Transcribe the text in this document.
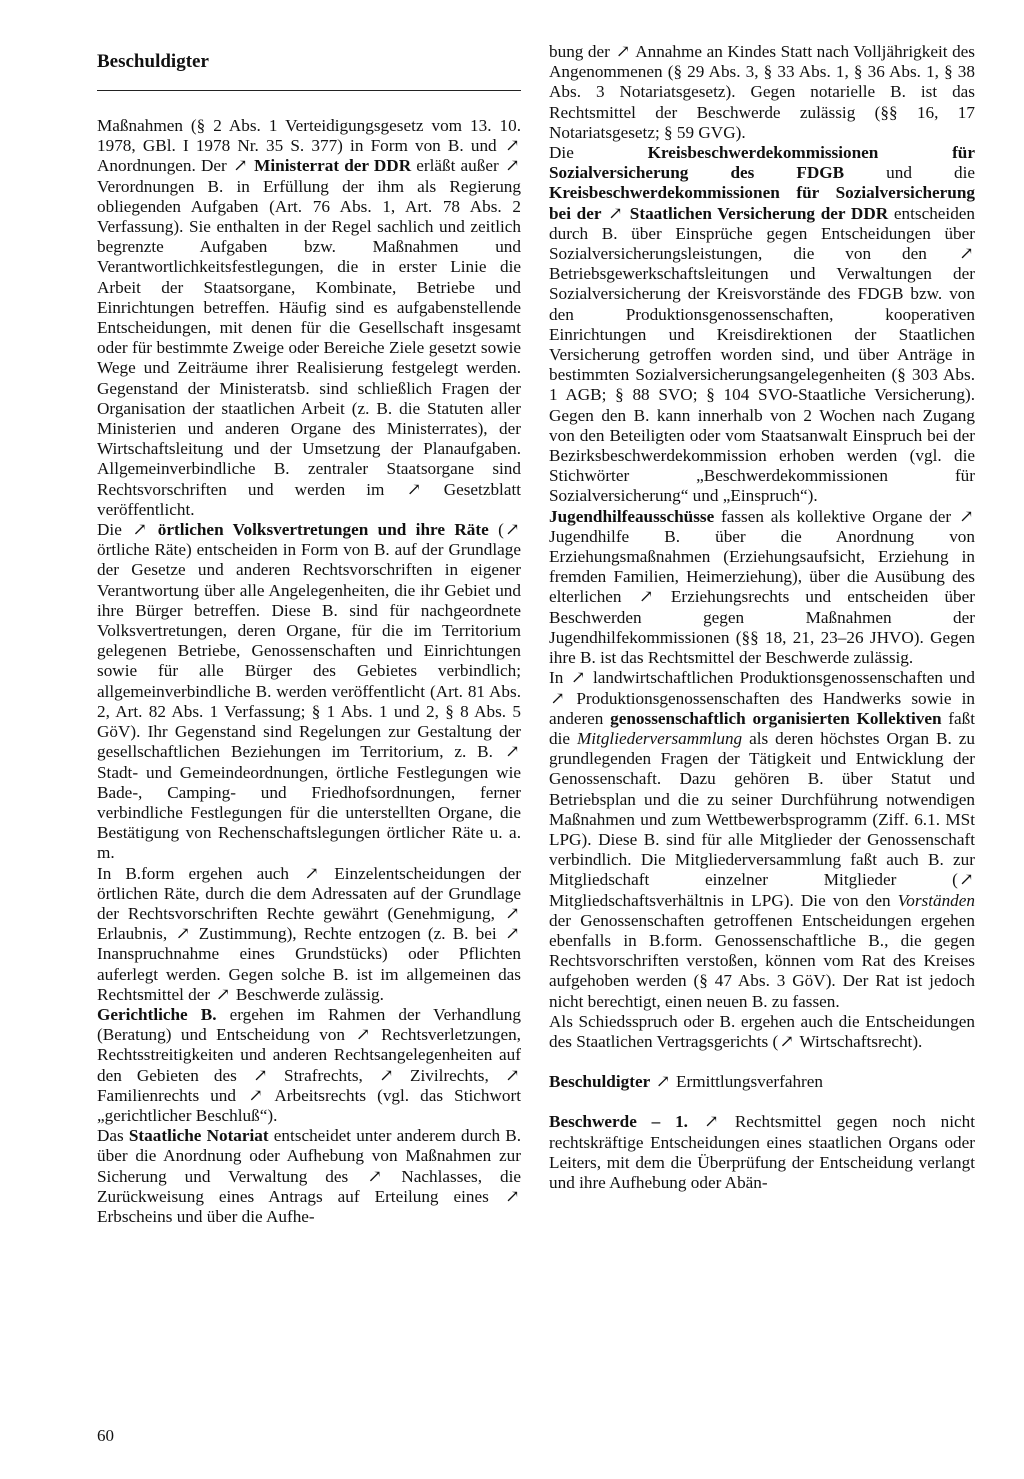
Beschuldigter

Maßnahmen (§ 2 Abs. 1 Verteidigungsgesetz vom 13. 10. 1978, GBl. I 1978 Nr. 35 S. 377) in Form von B. und ↗ Anordnungen. Der ↗ Ministerrat der DDR erläßt außer ↗ Verordnungen B. in Erfüllung der ihm als Regierung obliegenden Aufgaben (Art. 76 Abs. 1, Art. 78 Abs. 2 Verfassung). Sie enthalten in der Regel sachlich und zeitlich begrenzte Aufgaben bzw. Maßnahmen und Verantwortlichkeitsfestlegungen, die in erster Linie die Arbeit der Staatsorgane, Kombinate, Betriebe und Einrichtungen betreffen. Häufig sind es aufgabenstellende Entscheidungen, mit denen für die Gesellschaft insgesamt oder für bestimmte Zweige oder Bereiche Ziele gesetzt sowie Wege und Zeiträume ihrer Realisierung festgelegt werden. Gegenstand der Ministeratsb. sind schließlich Fragen der Organisation der staatlichen Arbeit (z. B. die Statuten aller Ministerien und anderen Organe des Ministerrates), der Wirtschaftsleitung und der Umsetzung der Planaufgaben. Allgemeinverbindliche B. zentraler Staatsorgane sind Rechtsvorschriften und werden im ↗ Gesetzblatt veröffentlicht.

Die ↗ örtlichen Volksvertretungen und ihre Räte (↗örtliche Räte) entscheiden in Form von B. auf der Grundlage der Gesetze und anderen Rechtsvorschriften in eigener Verantwortung über alle Angelegenheiten, die ihr Gebiet und ihre Bürger betreffen. Diese B. sind für nachgeordnete Volksvertretungen, deren Organe, für die im Territorium gelegenen Betriebe, Genossenschaften und Einrichtungen sowie für alle Bürger des Gebietes verbindlich; allgemeinverbindliche B. werden veröffentlicht (Art. 81 Abs. 2, Art. 82 Abs. 1 Verfassung; § 1 Abs. 1 und 2, § 8 Abs. 5 GöV). Ihr Gegenstand sind Regelungen zur Gestaltung der gesellschaftlichen Beziehungen im Territorium, z. B. ↗ Stadt- und Gemeindeordnungen, örtliche Festlegungen wie Bade-, Camping- und Friedhofsordnungen, ferner verbindliche Festlegungen für die unterstellten Organe, die Bestätigung von Rechenschaftslegungen örtlicher Räte u. a. m.

In B.form ergehen auch ↗ Einzelentscheidungen der örtlichen Räte, durch die dem Adressaten auf der Grundlage der Rechtsvorschriften Rechte gewährt (Genehmigung, ↗ Erlaubnis, ↗ Zustimmung), Rechte entzogen (z. B. bei ↗ Inanspruchnahme eines Grundstücks) oder Pflichten auferlegt werden. Gegen solche B. ist im allgemeinen das Rechtsmittel der ↗ Beschwerde zulässig.

Gerichtliche B. ergehen im Rahmen der Verhandlung (Beratung) und Entscheidung von ↗ Rechtsverletzungen, Rechtsstreitigkeiten und anderen Rechtsangelegenheiten auf den Gebieten des ↗ Strafrechts, ↗ Zivilrechts, ↗ Familienrechts und ↗ Arbeitsrechts (vgl. das Stichwort „gerichtlicher Beschluß“).

Das Staatliche Notariat entscheidet unter anderem durch B. über die Anordnung oder Aufhebung von Maßnahmen zur Sicherung und Verwaltung des ↗ Nachlasses, die Zurückweisung eines Antrags auf Erteilung eines ↗ Erbscheins und über die Aufhe-

bung der ↗ Annahme an Kindes Statt nach Volljährigkeit des Angenommenen (§ 29 Abs. 3, § 33 Abs. 1, § 36 Abs. 1, § 38 Abs. 3 Notariatsgesetz). Gegen notarielle B. ist das Rechtsmittel der Beschwerde zulässig (§§ 16, 17 Notariatsgesetz; § 59 GVG).

Die Kreisbeschwerdekommissionen für Sozialversicherung des FDGB und die Kreisbeschwerdekommissionen für Sozialversicherung bei der ↗ Staatlichen Versicherung der DDR entscheiden durch B. über Einsprüche gegen Entscheidungen über Sozialversicherungsleistungen, die von den ↗ Betriebsgewerkschaftsleitungen und Verwaltungen der Sozialversicherung der Kreisvorstände des FDGB bzw. von den Produktionsgenossenschaften, kooperativen Einrichtungen und Kreisdirektionen der Staatlichen Versicherung getroffen worden sind, und über Anträge in bestimmten Sozialversicherungsangelegenheiten (§ 303 Abs. 1 AGB; § 88 SVO; § 104 SVO-Staatliche Versicherung). Gegen den B. kann innerhalb von 2 Wochen nach Zugang von den Beteiligten oder vom Staatsanwalt Einspruch bei der Bezirksbeschwerdekommission erhoben werden (vgl. die Stichwörter „Beschwerdekommissionen für Sozialversicherung“ und „Einspruch“).

Jugendhilfeausschüsse fassen als kollektive Organe der ↗ Jugendhilfe B. über die Anordnung von Erziehungsmaßnahmen (Erziehungsaufsicht, Erziehung in fremden Familien, Heimerziehung), über die Ausübung des elterlichen ↗ Erziehungsrechts und entscheiden über Beschwerden gegen Maßnahmen der Jugendhilfekommissionen (§§ 18, 21, 23–26 JHVO). Gegen ihre B. ist das Rechtsmittel der Beschwerde zulässig.

In ↗ landwirtschaftlichen Produktionsgenossenschaften und ↗ Produktionsgenossenschaften des Handwerks sowie in anderen genossenschaftlich organisierten Kollektiven faßt die Mitgliederversammlung als deren höchstes Organ B. zu grundlegenden Fragen der Tätigkeit und Entwicklung der Genossenschaft. Dazu gehören B. über Statut und Betriebsplan und die zu seiner Durchführung notwendigen Maßnahmen und zum Wettbewerbsprogramm (Ziff. 6.1. MSt LPG). Diese B. sind für alle Mitglieder der Genossenschaft verbindlich. Die Mitgliederversammlung faßt auch B. zur Mitgliedschaft einzelner Mitglieder (↗ Mitgliedschaftsverhältnis in LPG). Die von den Vorständen der Genossenschaften getroffenen Entscheidungen ergehen ebenfalls in B.form. Genossenschaftliche B., die gegen Rechtsvorschriften verstoßen, können vom Rat des Kreises aufgehoben werden (§ 47 Abs. 3 GöV). Der Rat ist jedoch nicht berechtigt, einen neuen B. zu fassen.

Als Schiedsspruch oder B. ergehen auch die Entscheidungen des Staatlichen Vertragsgerichts (↗ Wirtschaftsrecht).

Beschuldigter ↗ Ermittlungsverfahren

Beschwerde – 1. ↗ Rechtsmittel gegen noch nicht rechtskräftige Entscheidungen eines staatlichen Organs oder Leiters, mit dem die Überprüfung der Entscheidung verlangt und ihre Aufhebung oder Abän-

60
